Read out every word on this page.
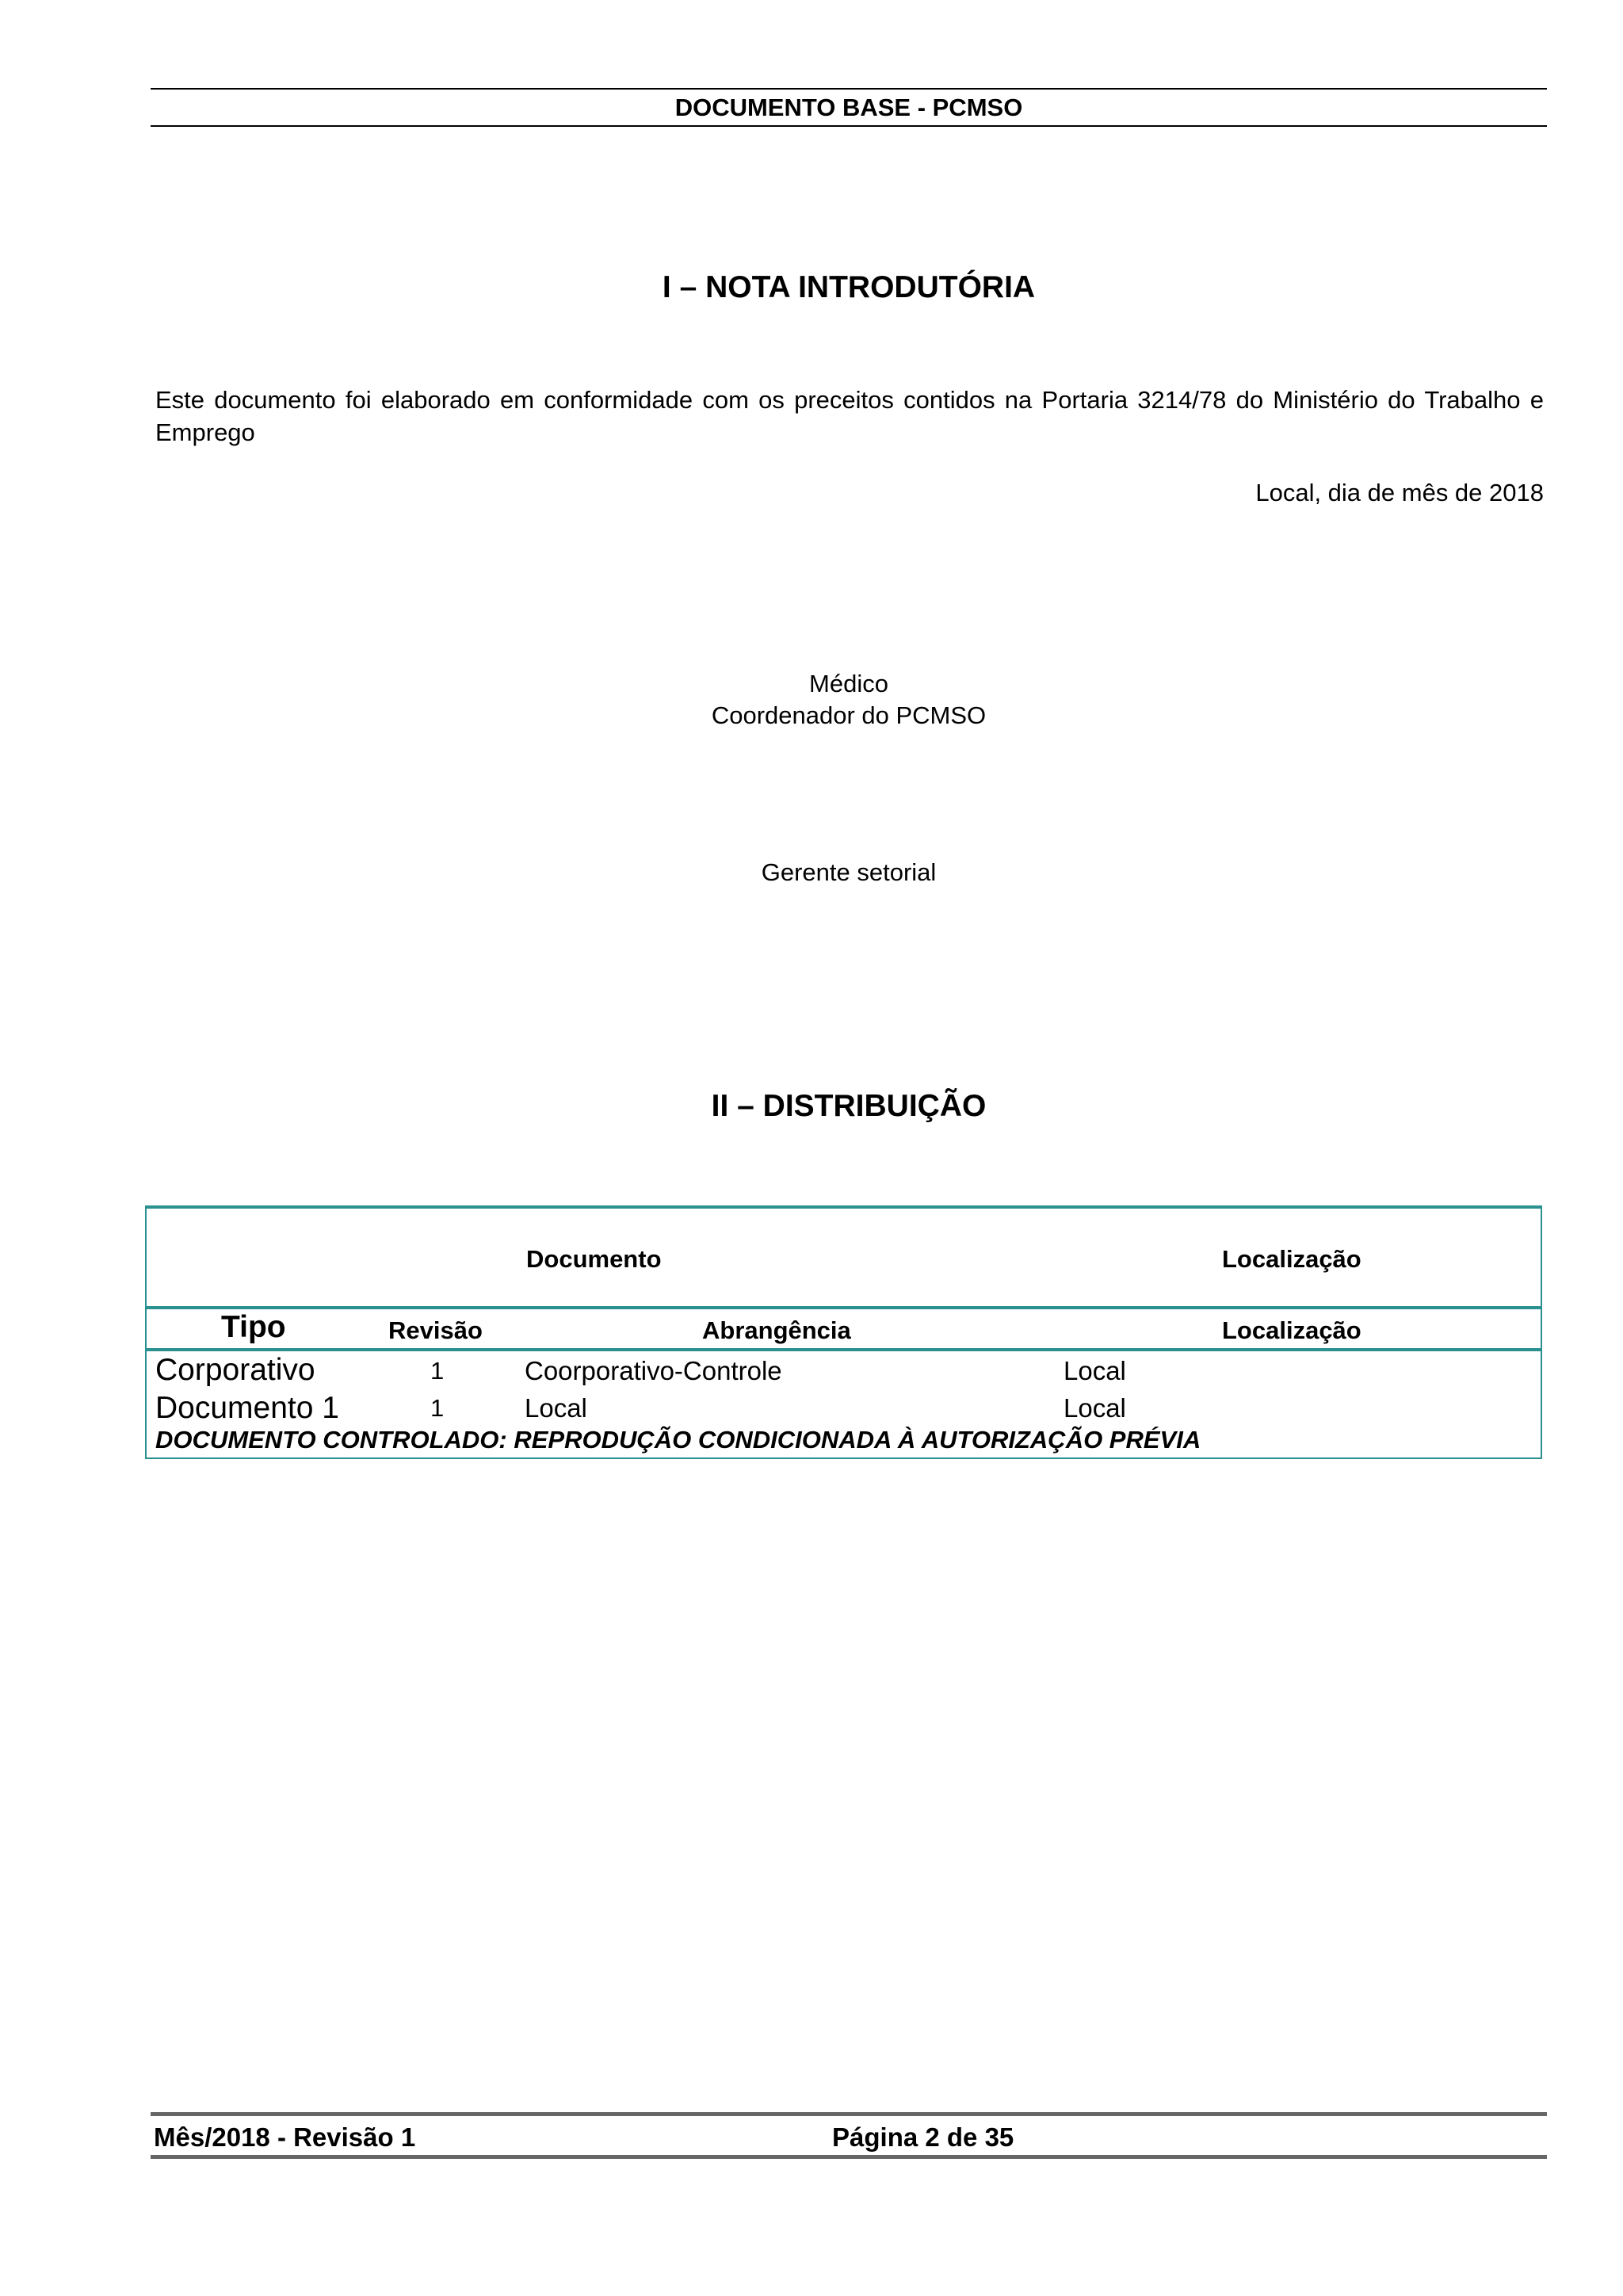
DOCUMENTO BASE - PCMSO
I – NOTA INTRODUTÓRIA
Este documento foi elaborado em conformidade com os preceitos contidos na Portaria 3214/78 do Ministério do Trabalho e Emprego
Local, dia de mês de 2018
Médico
Coordenador do PCMSO
Gerente setorial
II – DISTRIBUIÇÃO
Documento	Localização
Tipo	Revisão	Abrangência	Localização
Corporativo	1	Coorporativo-Controle	Local
Documento 1	1	Local	Local
DOCUMENTO CONTROLADO: REPRODUÇÃO CONDICIONADA À AUTORIZAÇÃO PRÉVIA
Mês/2018 - Revisão 1	Página 2 de 35
